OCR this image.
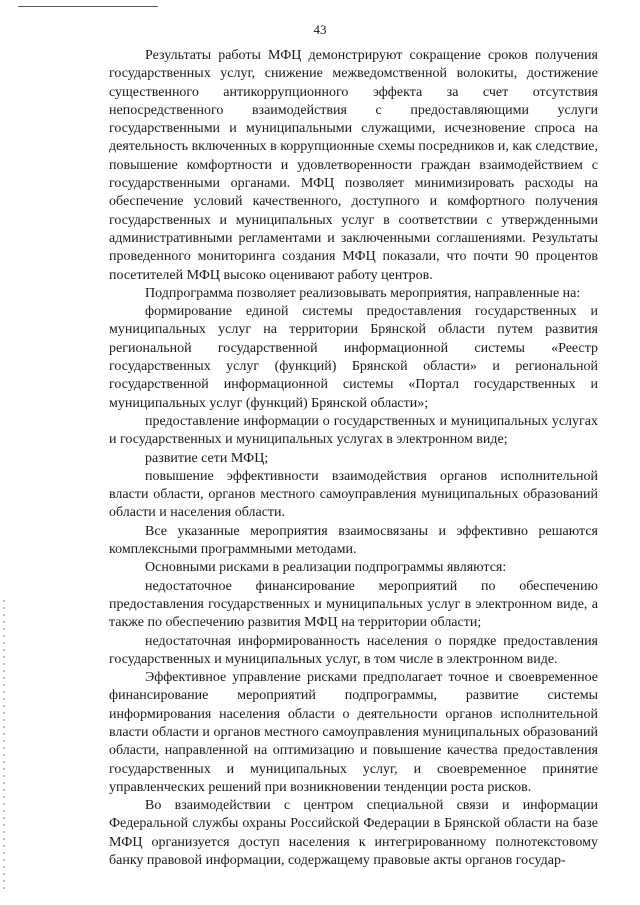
43

Результаты работы МФЦ демонстрируют сокращение сроков получения государственных услуг, снижение межведомственной волокиты, достижение существенного антикоррупционного эффекта за счет отсутствия непосредственного взаимодействия с предоставляющими услуги государственными и муниципальными служащими, исчезновение спроса на деятельность включенных в коррупционные схемы посредников и, как следствие, повышение комфортности и удовлетворенности граждан взаимодействием с государственными органами. МФЦ позволяет минимизировать расходы на обеспечение условий качественного, доступного и комфортного получения государственных и муниципальных услуг в соответствии с утвержденными административными регламентами и заключенными соглашениями. Результаты проведенного мониторинга создания МФЦ показали, что почти 90 процентов посетителей МФЦ высоко оценивают работу центров.

Подпрограмма позволяет реализовывать мероприятия, направленные на:

формирование единой системы предоставления государственных и муниципальных услуг на территории Брянской области путем развития региональной государственной информационной системы «Реестр государственных услуг (функций) Брянской области» и региональной государственной информационной системы «Портал государственных и муниципальных услуг (функций) Брянской области»;

предоставление информации о государственных и муниципальных услугах и государственных и муниципальных услугах в электронном виде;

развитие сети МФЦ;

повышение эффективности взаимодействия органов исполнительной власти области, органов местного самоуправления муниципальных образований области и населения области.

Все указанные мероприятия взаимосвязаны и эффективно решаются комплексными программными методами.

Основными рисками в реализации подпрограммы являются:

недостаточное финансирование мероприятий по обеспечению предоставления государственных и муниципальных услуг в электронном виде, а также по обеспечению развития МФЦ на территории области;

недостаточная информированность населения о порядке предоставления государственных и муниципальных услуг, в том числе в электронном виде.

Эффективное управление рисками предполагает точное и своевременное финансирование мероприятий подпрограммы, развитие системы информирования населения области о деятельности органов исполнительной власти области и органов местного самоуправления муниципальных образований области, направленной на оптимизацию и повышение качества предоставления государственных и муниципальных услуг, и своевременное принятие управленческих решений при возникновении тенденции роста рисков.

Во взаимодействии с центром специальной связи и информации Федеральной службы охраны Российской Федерации в Брянской области на базе МФЦ организуется доступ населения к интегрированному полнотекстовому банку правовой информации, содержащему правовые акты органов государ-
